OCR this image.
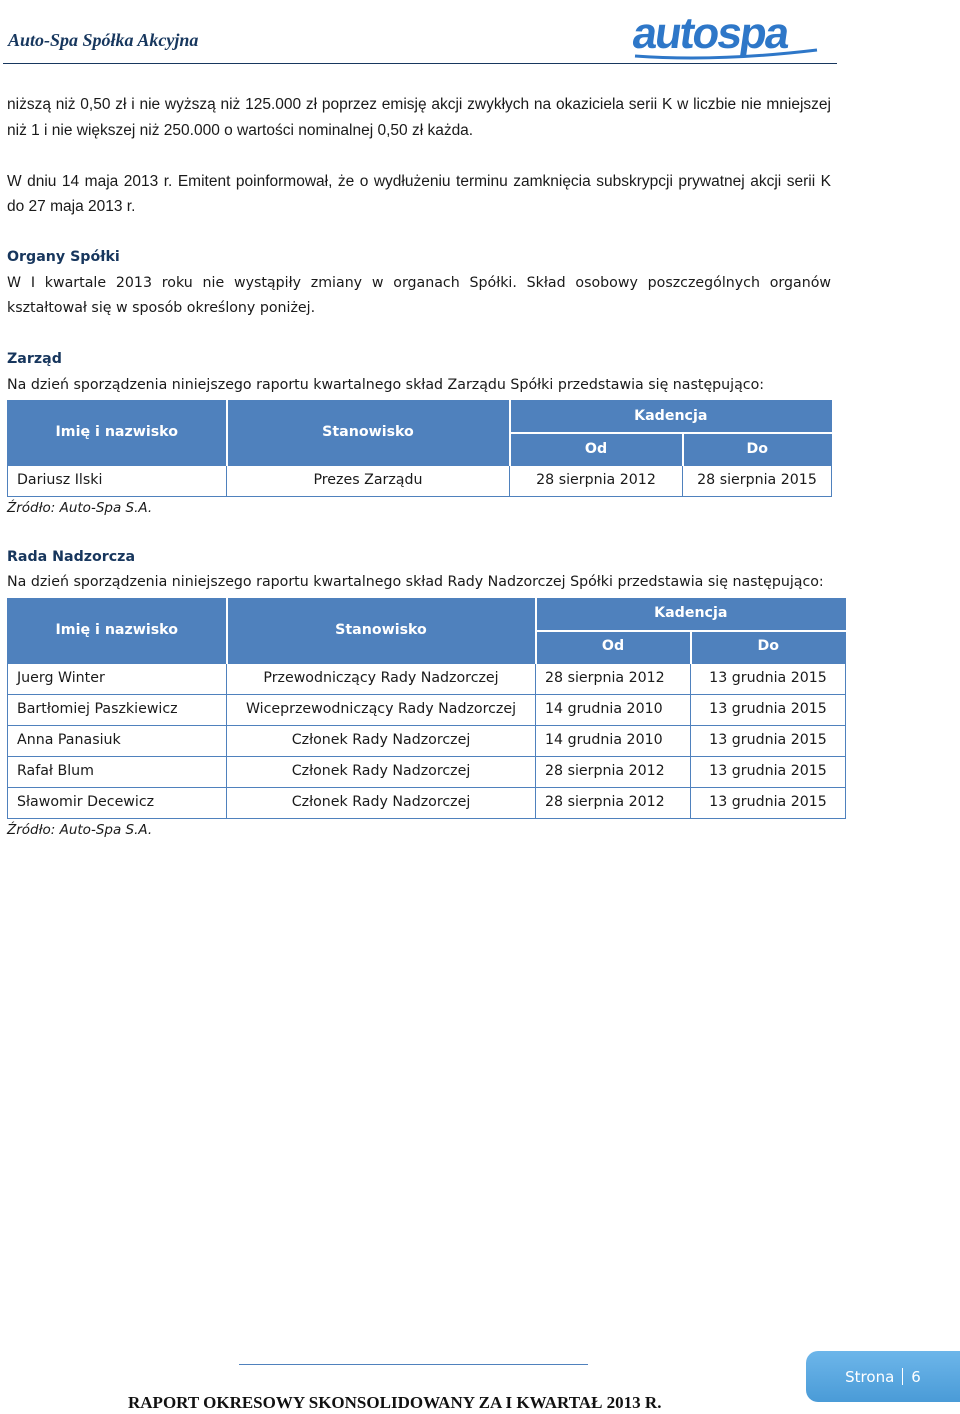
Auto-Spa Spółka Akcyjna	autospa

niższą niż 0,50 zł i nie wyższą niż 125.000 zł poprzez emisję akcji zwykłych na okaziciela serii K w liczbie nie mniejszej niż 1 i nie większej niż 250.000 o wartości nominalnej 0,50 zł każda.

W dniu 14 maja 2013 r. Emitent poinformował, że o wydłużeniu terminu zamknięcia subskrypcji prywatnej akcji serii K do 27 maja 2013 r.

Organy Spółki

W I kwartale 2013 roku nie wystąpiły zmiany w organach Spółki. Skład osobowy poszczególnych organów kształtował się w sposób określony poniżej.

Zarząd

Na dzień sporządzenia niniejszego raportu kwartalnego skład Zarządu Spółki przedstawia się następująco:

Imię i nazwisko	Stanowisko	Kadencja	
		Od	Do
Dariusz Ilski	Prezes Zarządu	28 sierpnia 2012	28 sierpnia 2015

Źródło: Auto-Spa S.A.

Rada Nadzorcza

Na dzień sporządzenia niniejszego raportu kwartalnego skład Rady Nadzorczej Spółki przedstawia się następująco:

Imię i nazwisko	Stanowisko	Kadencja	
		Od	Do
Juerg Winter	Przewodniczący Rady Nadzorczej	28 sierpnia 2012	13 grudnia 2015
Bartłomiej Paszkiewicz	Wiceprzewodniczący Rady Nadzorczej	14 grudnia 2010	13 grudnia 2015
Anna Panasiuk	Członek Rady Nadzorczej	14 grudnia 2010	13 grudnia 2015
Rafał Blum	Członek Rady Nadzorczej	28 sierpnia 2012	13 grudnia 2015
Sławomir Decewicz	Członek Rady Nadzorczej	28 sierpnia 2012	13 grudnia 2015

Źródło: Auto-Spa S.A.

RAPORT OKRESOWY SKONSOLIDOWANY ZA I KWARTAŁ 2013 R.
Strona 6
